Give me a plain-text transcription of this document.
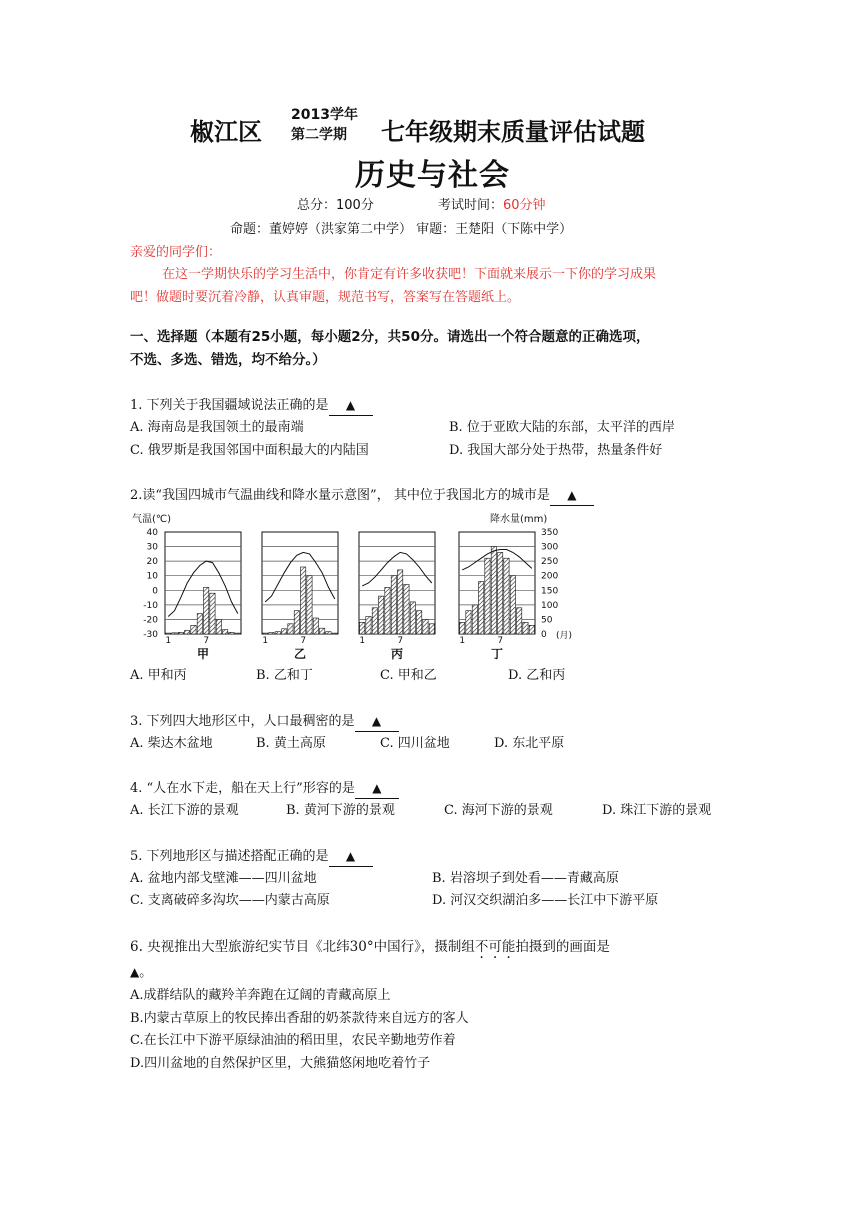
椒江区
2013学年
第二学期 七年级期末质量评估试题
历史与社会
总分：100分	考试时间：60分钟
命题：董婷婷（洪家第二中学） 审题：王楚阳（下陈中学）
亲爱的同学们：
在这一学期快乐的学习生活中，你肯定有许多收获吧！下面就来展示一下你的学习成果
吧！做题时要沉着冷静，认真审题，规范书写，答案写在答题纸上。
一、选择题（本题有25小题，每小题2分，共50分。请选出一个符合题意的正确选项，
不选、多选、错选，均不给分。）
1. 下列关于我国疆域说法正确的是 ▲
A. 海南岛是我国领土的最南端	B. 位于亚欧大陆的东部，太平洋的西岸
C. 俄罗斯是我国邻国中面积最大的内陆国	D. 我国大部分处于热带，热量条件好
2.读“我国四城市气温曲线和降水量示意图”， 其中位于我国北方的城市是 ▲
气温(℃)	降水量(mm)
(月)
40
30
20
10
0
-10
-20
-30
350
300
250
200
150
100
50
0
1	7
甲
1	7
乙
1	7
丙
1	7
丁
A. 甲和丙	B. 乙和丁	C. 甲和乙	D. 乙和丙
3. 下列四大地形区中，人口最稠密的是 ▲
A. 柴达木盆地	B. 黄土高原	C. 四川盆地	D. 东北平原
4. “人在水下走，船在天上行”形容的是 ▲
A. 长江下游的景观	B. 黄河下游的景观	C. 海河下游的景观	D. 珠江下游的景观
5. 下列地形区与描述搭配正确的是 ▲
A. 盆地内部戈壁滩——四川盆地	B. 岩溶坝子到处看——青藏高原
C. 支离破碎多沟坎——内蒙古高原	D. 河汉交织湖泊多——长江中下游平原
6. 央视推出大型旅游纪实节目《北纬30°中国行》，摄制组不可能拍摄到的画面是
▲。
A.成群结队的藏羚羊奔跑在辽阔的青藏高原上
B.内蒙古草原上的牧民捧出香甜的奶茶款待来自远方的客人
C.在长江中下游平原绿油油的稻田里，农民辛勤地劳作着
D.四川盆地的自然保护区里，大熊猫悠闲地吃着竹子
